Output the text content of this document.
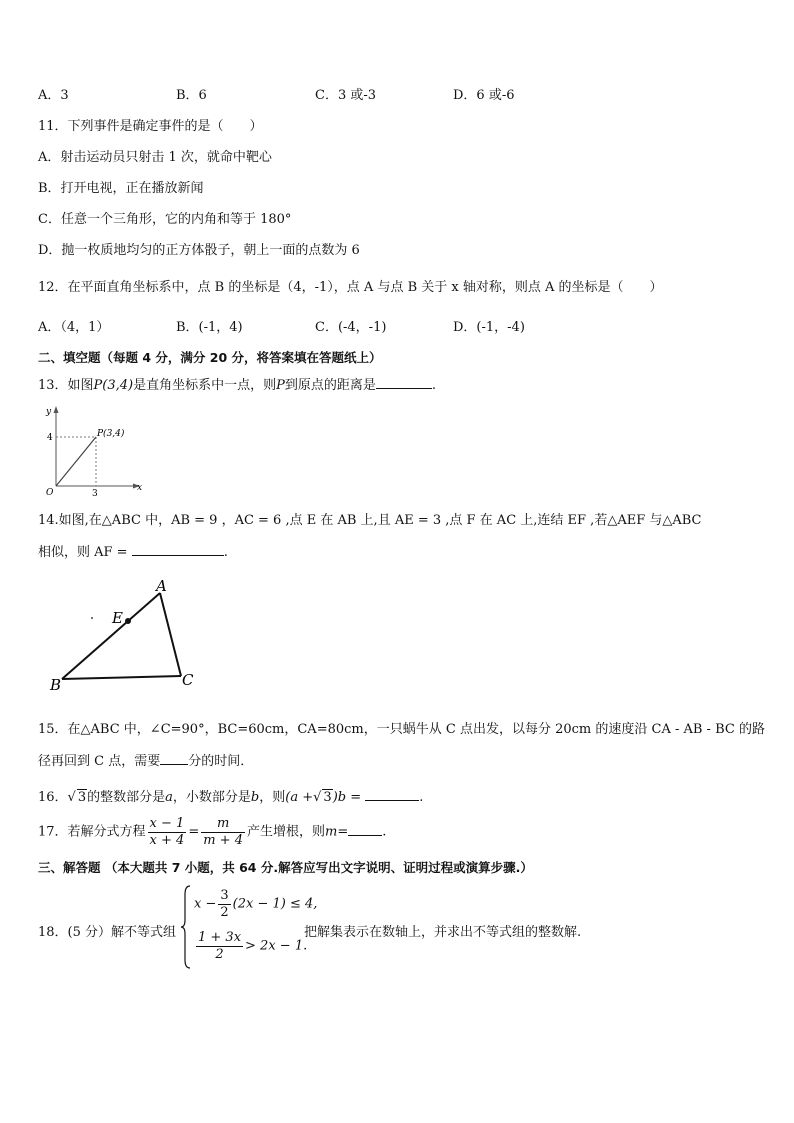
A．3	B．6	C．3 或-3	D．6 或-6
11．下列事件是确定事件的是（　　）
A．射击运动员只射击 1 次，就命中靶心
B．打开电视，正在播放新闻
C．任意一个三角形，它的内角和等于 180°
D．抛一枚质地均匀的正方体骰子，朝上一面的点数为 6
12．在平面直角坐标系中，点 B 的坐标是（4，-1），点 A 与点 B 关于 x 轴对称，则点 A 的坐标是（　　）
A．（4，1）	B．(-1，4)	C．(-4，-1)	D．(-1，-4)
二、填空题（每题 4 分，满分 20 分，将答案填在答题纸上）
13．如图P(3,4)是直角坐标系中一点，则P到原点的距离是	.
y
x
O	3
4	P(3,4)
14.如图,在△ABC 中，AB = 9 ，AC = 6 ,点 E 在 AB 上,且 AE = 3 ,点 F 在 AC 上,连结 EF ,若△AEF 与△ABC
相似，则 AF =	.
A
B	C
E
15．在△ABC 中，∠C=90°，BC=60cm，CA=80cm，一只蜗牛从 C 点出发，以每分 20cm 的速度沿 CA - AB - BC 的路
径再回到 C 点，需要 分的时间．
16．√ 3的整数部分是a，小数部分是b，则(a +√ 3)b =	.
17．若解分式方程 $\frac{x - 1}{x + 4} = \frac{m}{m + 4}$ 产生增根，则m=	.
三、解答题 （本大题共 7 小题，共 64 分.解答应写出文字说明、证明过程或演算步骤.）
18．(5 分）解不等式组
$x - \frac{3}{2} (2x - 1) \le 4$,
$\frac{1 + 3x}{2} > 2x - 1$.
把解集表示在数轴上，并求出不等式组的整数解.
